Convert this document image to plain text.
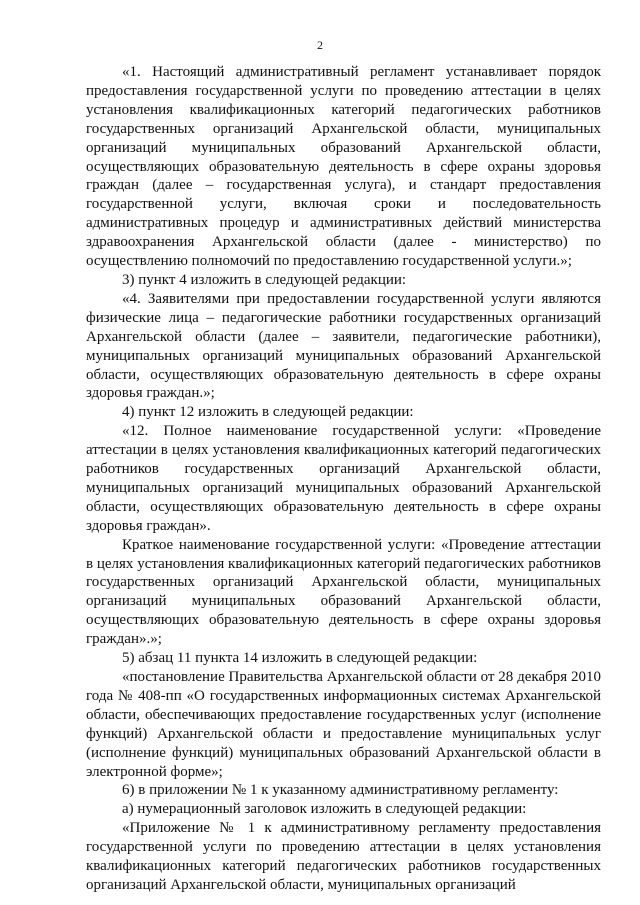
2

«1. Настоящий административный регламент устанавливает порядок предоставления государственной услуги по проведению аттестации в целях установления квалификационных категорий педагогических работников государственных организаций Архангельской области, муниципальных организаций муниципальных образований Архангельской области, осуществляющих образовательную деятельность в сфере охраны здоровья граждан (далее – государственная услуга), и стандарт предоставления государственной услуги, включая сроки и последовательность административных процедур и административных действий министерства здравоохранения Архангельской области (далее - министерство) по осуществлению полномочий по предоставлению государственной услуги.»;

3) пункт 4 изложить в следующей редакции:

«4. Заявителями при предоставлении государственной услуги являются физические лица – педагогические работники государственных организаций Архангельской области (далее – заявители, педагогические работники), муниципальных организаций муниципальных образований Архангельской области, осуществляющих образовательную деятельность в сфере охраны здоровья граждан.»;

4) пункт 12 изложить в следующей редакции:

«12. Полное наименование государственной услуги: «Проведение аттестации в целях установления квалификационных категорий педагогических работников государственных организаций Архангельской области, муниципальных организаций муниципальных образований Архангельской области, осуществляющих образовательную деятельность в сфере охраны здоровья граждан».

Краткое наименование государственной услуги: «Проведение аттестации в целях установления квалификационных категорий педагогических работников государственных организаций Архангельской области, муниципальных организаций муниципальных образований Архангельской области, осуществляющих образовательную деятельность в сфере охраны здоровья граждан».»;

5) абзац 11 пункта 14 изложить в следующей редакции:

«постановление Правительства Архангельской области от 28 декабря 2010 года № 408-пп «О государственных информационных системах Архангельской области, обеспечивающих предоставление государственных услуг (исполнение функций) Архангельской области и предоставление муниципальных услуг (исполнение функций) муниципальных образований Архангельской области в электронной форме»;

6) в приложении № 1 к указанному административному регламенту:

а) нумерационный заголовок изложить в следующей редакции:

«Приложение № 1 к административному регламенту предоставления государственной услуги по проведению аттестации в целях установления квалификационных категорий педагогических работников государственных организаций Архангельской области, муниципальных организаций
